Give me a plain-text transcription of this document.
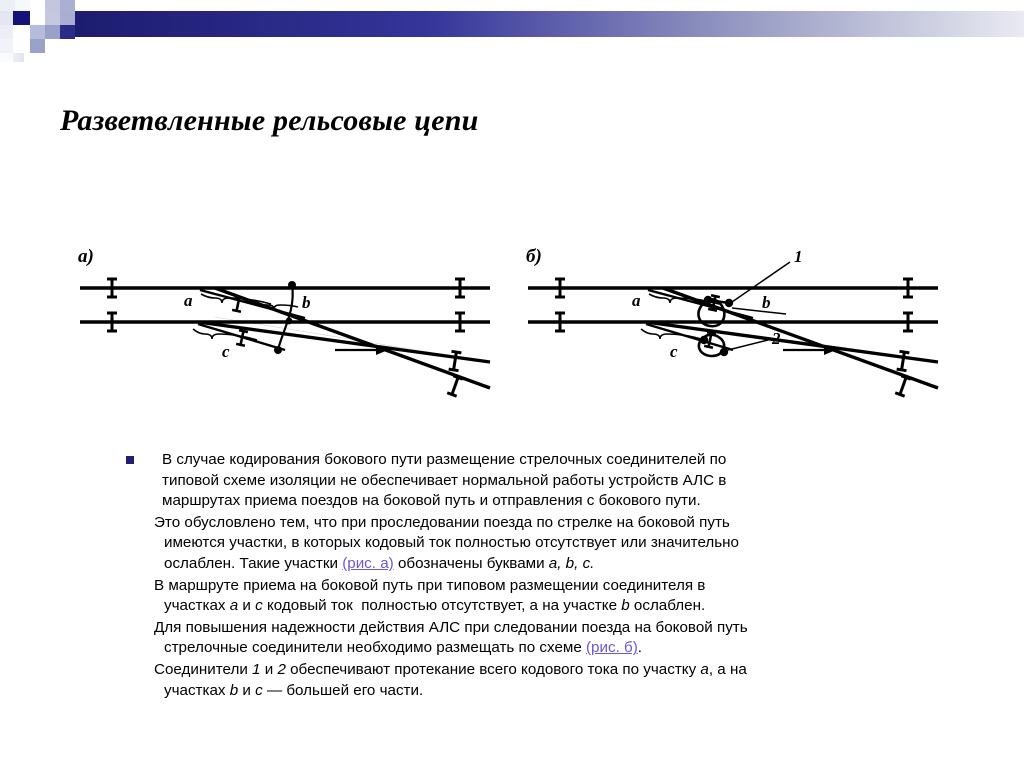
Разветвленные рельсовые цепи
а)
a	b
c
б)	1
2
a	b
c
В случае кодирования бокового пути размещение стрелочных соединителей по
типовой схеме изоляции не обеспечивает нормальной работы устройств АЛС в
маршрутах приема поездов на боковой путь и отправления с бокового пути.
Это обусловлено тем, что при проследовании поезда по стрелке на боковой путь
имеются участки, в которых кодовый ток полностью отсутствует или значительно
ослаблен. Такие участки (рис. а) обозначены буквами a, b, c.
В маршруте приема на боковой путь при типовом размещении соединителя в
участках a и c кодовый ток  полностью отсутствует, а на участке b ослаблен.
Для повышения надежности действия АЛС при следовании поезда на боковой путь
стрелочные соединители необходимо размещать по схеме (рис. б).
Соединители 1 и 2 обеспечивают протекание всего кодового тока по участку a, а на
участках b и c — большей его части.
